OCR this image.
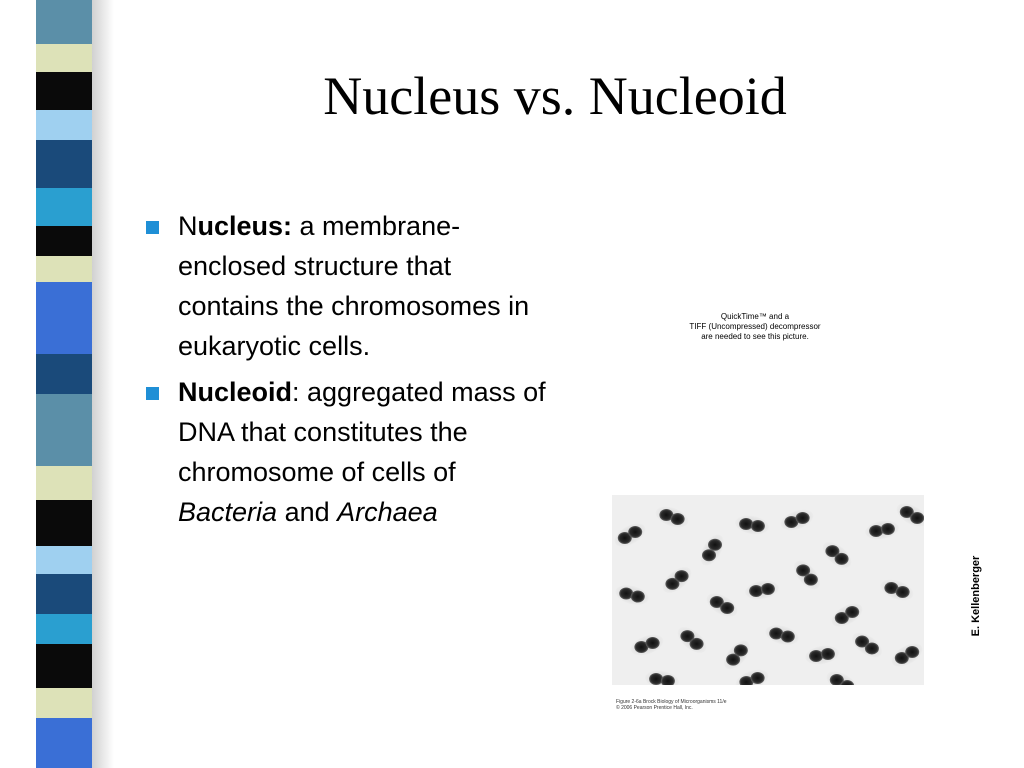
Nucleus vs. Nucleoid
Nucleus: a membrane-enclosed structure that contains the chromosomes in eukaryotic cells.
Nucleoid: aggregated mass of DNA that constitutes the chromosome of cells of Bacteria and Archaea
QuickTime™ and a
TIFF (Uncompressed) decompressor
are needed to see this picture.
E. Kellenberger
Figure 2-6a Brock Biology of Microorganisms 11/e
© 2006 Pearson Prentice Hall, Inc.
